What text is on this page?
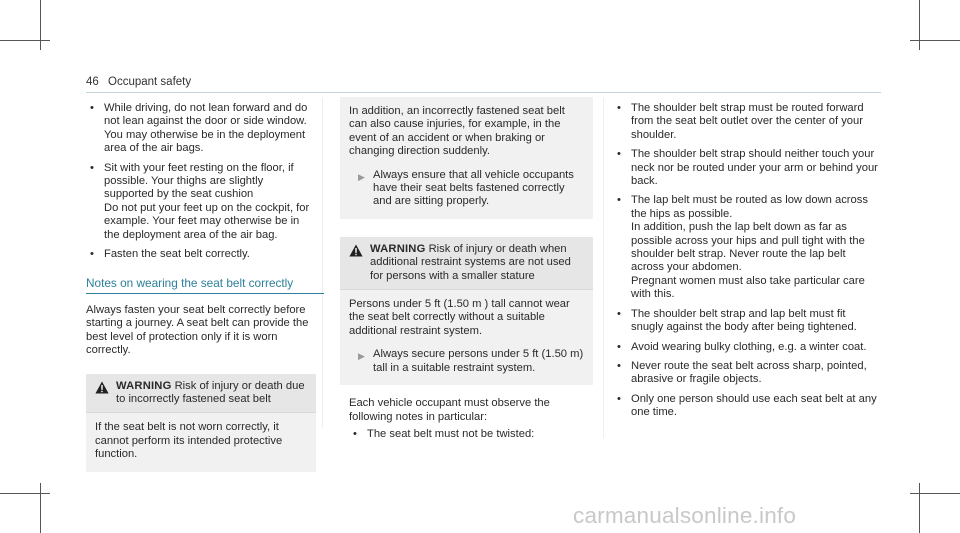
46 Occupant safety
• While driving, do not lean forward and do not lean against the door or side window. You may otherwise be in the deployment area of the air bags.
• Sit with your feet resting on the floor, if possible. Your thighs are slightly supported by the seat cushion

Do not put your feet up on the cockpit, for example. Your feet may otherwise be in the deployment area of the air bag.

• Fasten the seat belt correctly.
Notes on wearing the seat belt correctly

Always fasten your seat belt correctly before starting a journey. A seat belt can provide the best level of protection only if it is worn correctly.

WARNING Risk of injury or death due to incorrectly fastened seat belt
If the seat belt is not worn correctly, it cannot perform its intended protective function.

In addition, an incorrectly fastened seat belt can also cause injuries, for example, in the event of an accident or when braking or changing direction suddenly.

▶ Always ensure that all vehicle occupants have their seat belts fastened correctly and are sitting properly.
WARNING Risk of injury or death when additional restraint systems are not used for persons with a smaller stature

Persons under 5 ft (1.50 m ) tall cannot wear the seat belt correctly without a suitable additional restraint system.

▶ Always secure persons under 5 ft (1.50 m) tall in a suitable restraint system.

Each vehicle occupant must observe the following notes in particular:

• The seat belt must not be twisted:
• The shoulder belt strap must be routed forward from the seat belt outlet over the center of your shoulder.
• The shoulder belt strap should neither touch your neck nor be routed under your arm or behind your back.
• The lap belt must be routed as low down across the hips as possible.

In addition, push the lap belt down as far as possible across your hips and pull tight with the shoulder belt strap. Never route the lap belt across your abdomen.

Pregnant women must also take particular care with this.

• The shoulder belt strap and lap belt must fit snugly against the body after being tightened.
• Avoid wearing bulky clothing, e.g. a winter coat.
• Never route the seat belt across sharp, pointed, abrasive or fragile objects.
• Only one person should use each seat belt at any one time.
carmanualsonline.info
